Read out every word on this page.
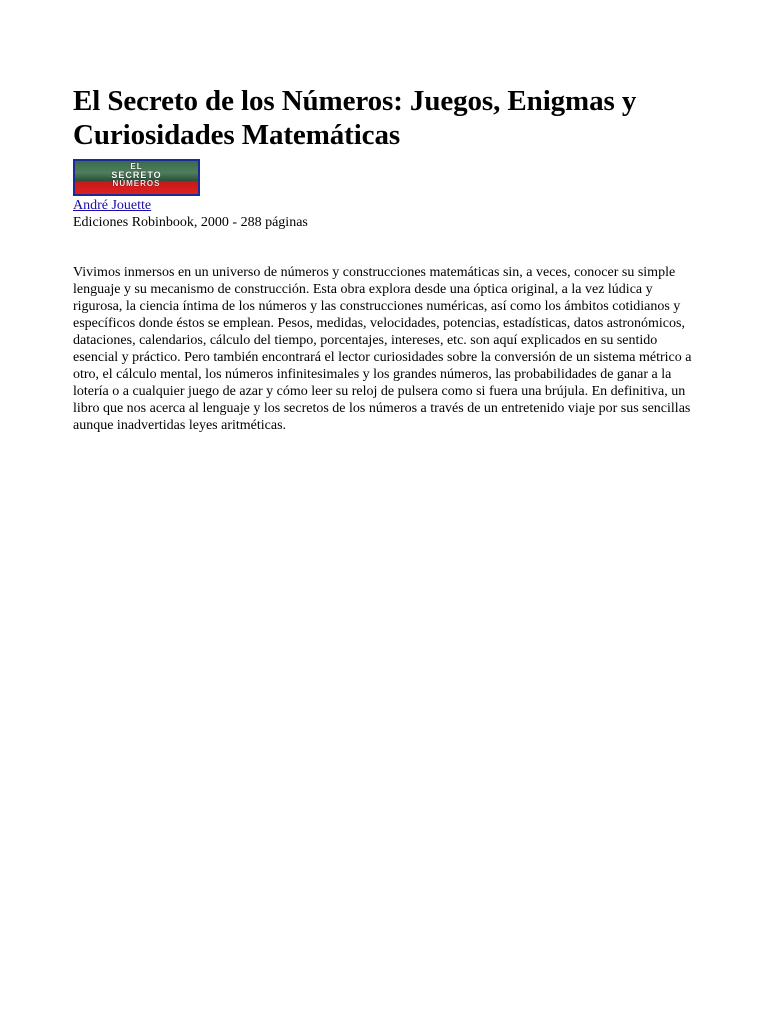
El Secreto de los Números: Juegos, Enigmas y Curiosidades Matemáticas
EL
SECRETO
NÚMEROS
André Jouette
Ediciones Robinbook, 2000 - 288 páginas
Vivimos inmersos en un universo de números y construcciones matemáticas sin, a veces, conocer su simple lenguaje y su mecanismo de construcción. Esta obra explora desde una óptica original, a la vez lúdica y rigurosa, la ciencia íntima de los números y las construcciones numéricas, así como los ámbitos cotidianos y específicos donde éstos se emplean. Pesos, medidas, velocidades, potencias, estadísticas, datos astronómicos, dataciones, calendarios, cálculo del tiempo, porcentajes, intereses, etc. son aquí explicados en su sentido esencial y práctico. Pero también encontrará el lector curiosidades sobre la conversión de un sistema métrico a otro, el cálculo mental, los números infinitesimales y los grandes números, las probabilidades de ganar a la lotería o a cualquier juego de azar y cómo leer su reloj de pulsera como si fuera una brújula. En definitiva, un libro que nos acerca al lenguaje y los secretos de los números a través de un entretenido viaje por sus sencillas aunque inadvertidas leyes aritméticas.
